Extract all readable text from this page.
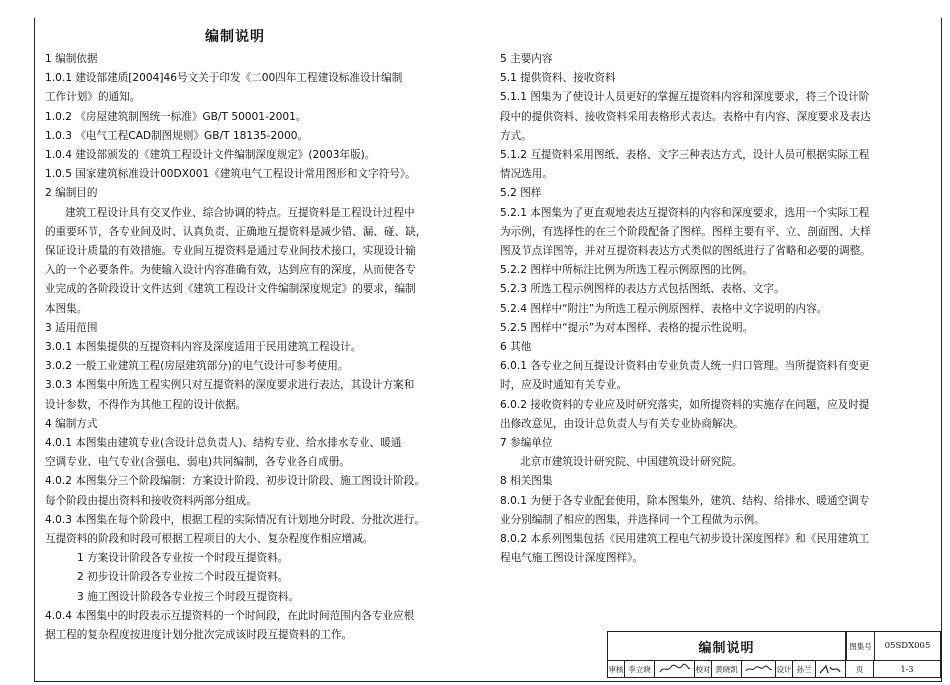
编制说明
1 编制依据
1.0.1 建设部建质[2004]46号文关于印发《二00四年工程建设标准设计编制
工作计划》的通知。
1.0.2 《房屋建筑制图统一标准》GB/T 50001-2001。
1.0.3 《电气工程CAD制图规则》GB/T 18135-2000。
1.0.4 建设部颁发的《建筑工程设计文件编制深度规定》(2003年版)。
1.0.5 国家建筑标准设计00DX001《建筑电气工程设计常用图形和文字符号》。
2 编制目的
建筑工程设计具有交叉作业、综合协调的特点。互提资料是工程设计过程中
的重要环节，各专业间及时、认真负责、正确地互提资料是减少错、漏、碰、缺，
保证设计质量的有效措施。专业间互提资料是通过专业间技术接口，实现设计输
入的一个必要条件。为使输入设计内容准确有效，达到应有的深度，从而使各专
业完成的各阶段设计文件达到《建筑工程设计文件编制深度规定》的要求，编制
本图集。
3 适用范围
3.0.1 本图集提供的互提资料内容及深度适用于民用建筑工程设计。
3.0.2 一般工业建筑工程(房屋建筑部分)的电气设计可参考使用。
3.0.3 本图集中所选工程实例只对互提资料的深度要求进行表达，其设计方案和
设计参数，不得作为其他工程的设计依据。
4 编制方式
4.0.1 本图集由建筑专业(含设计总负责人)、结构专业、给水排水专业、暖通
空调专业、电气专业(含强电、弱电)共同编制，各专业各自成册。
4.0.2 本图集分三个阶段编制：方案设计阶段、初步设计阶段、施工图设计阶段。
每个阶段由提出资料和接收资料两部分组成。
4.0.3 本图集在每个阶段中，根据工程的实际情况有计划地分时段、分批次进行。
互提资料的阶段和时段可根据工程项目的大小、复杂程度作相应增减。
1 方案设计阶段各专业按一个时段互提资料。
2 初步设计阶段各专业按二个时段互提资料。
3 施工图设计阶段各专业按三个时段互提资料。
4.0.4 本图集中的时段表示互提资料的一个时间段，在此时间范围内各专业应根
据工程的复杂程度按进度计划分批次完成该时段互提资料的工作。
5 主要内容
5.1 提供资料、接收资料
5.1.1 图集为了使设计人员更好的掌握互提资料内容和深度要求，将三个设计阶
段中的提供资料、接收资料采用表格形式表达。表格中有内容、深度要求及表达
方式。
5.1.2 互提资料采用图纸、表格、文字三种表达方式，设计人员可根据实际工程
情况选用。
5.2 图样
5.2.1 本图集为了更直观地表达互提资料的内容和深度要求，选用一个实际工程
为示例，有选择性的在三个阶段配备了图样。图样主要有平、立、剖面图、大样
图及节点详图等，并对互提资料表达方式类似的图纸进行了省略和必要的调整。
5.2.2 图样中所标注比例为所选工程示例原图的比例。
5.2.3 所选工程示例图样的表达方式包括图纸、表格、文字。
5.2.4 图样中“附注”为所选工程示例原图样、表格中文字说明的内容。
5.2.5 图样中“提示”为对本图样、表格的提示性说明。
6 其他
6.0.1 各专业之间互提设计资料由专业负责人统一归口管理。当所提资料有变更
时，应及时通知有关专业。
6.0.2 接收资料的专业应及时研究落实，如所提资料的实施存在问题，应及时提
出修改意见，由设计总负责人与有关专业协商解决。
7 参编单位
北京市建筑设计研究院、中国建筑设计研究院。
8 相关图集
8.0.1 为便于各专业配套使用，除本图集外，建筑、结构、给排水、暖通空调专
业分别编制了相应的图集，并选择同一个工程做为示例。
8.0.2 本系列图集包括《民用建筑工程电气初步设计深度图样》和《民用建筑工
程电气施工图设计深度图样》。
编制说明	图集号	05SDX005
审核 李立晓	校对 黄晓凯	设计 孙兰	页	1-3
